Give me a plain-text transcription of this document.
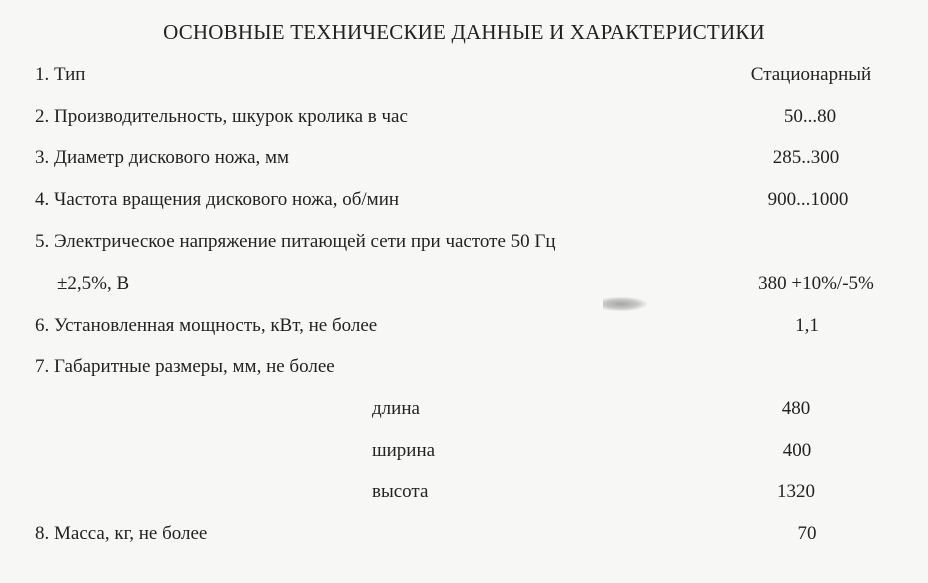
ОСНОВНЫЕ ТЕХНИЧЕСКИЕ ДАННЫЕ И ХАРАКТЕРИСТИКИ
1. Тип	Стационарный
2. Производительность, шкурок кролика в час	50...80
3. Диаметр дискового ножа, мм	285..300
4. Частота вращения дискового ножа, об/мин	900...1000
5. Электрическое напряжение питающей сети при частоте 50 Гц
±2,5%, В	380 +10%/-5%
6. Установленная мощность, кВт, не более	1,1
7. Габаритные размеры, мм, не более
длина	480
ширина	400
высота	1320
8. Масса, кг, не более	70
